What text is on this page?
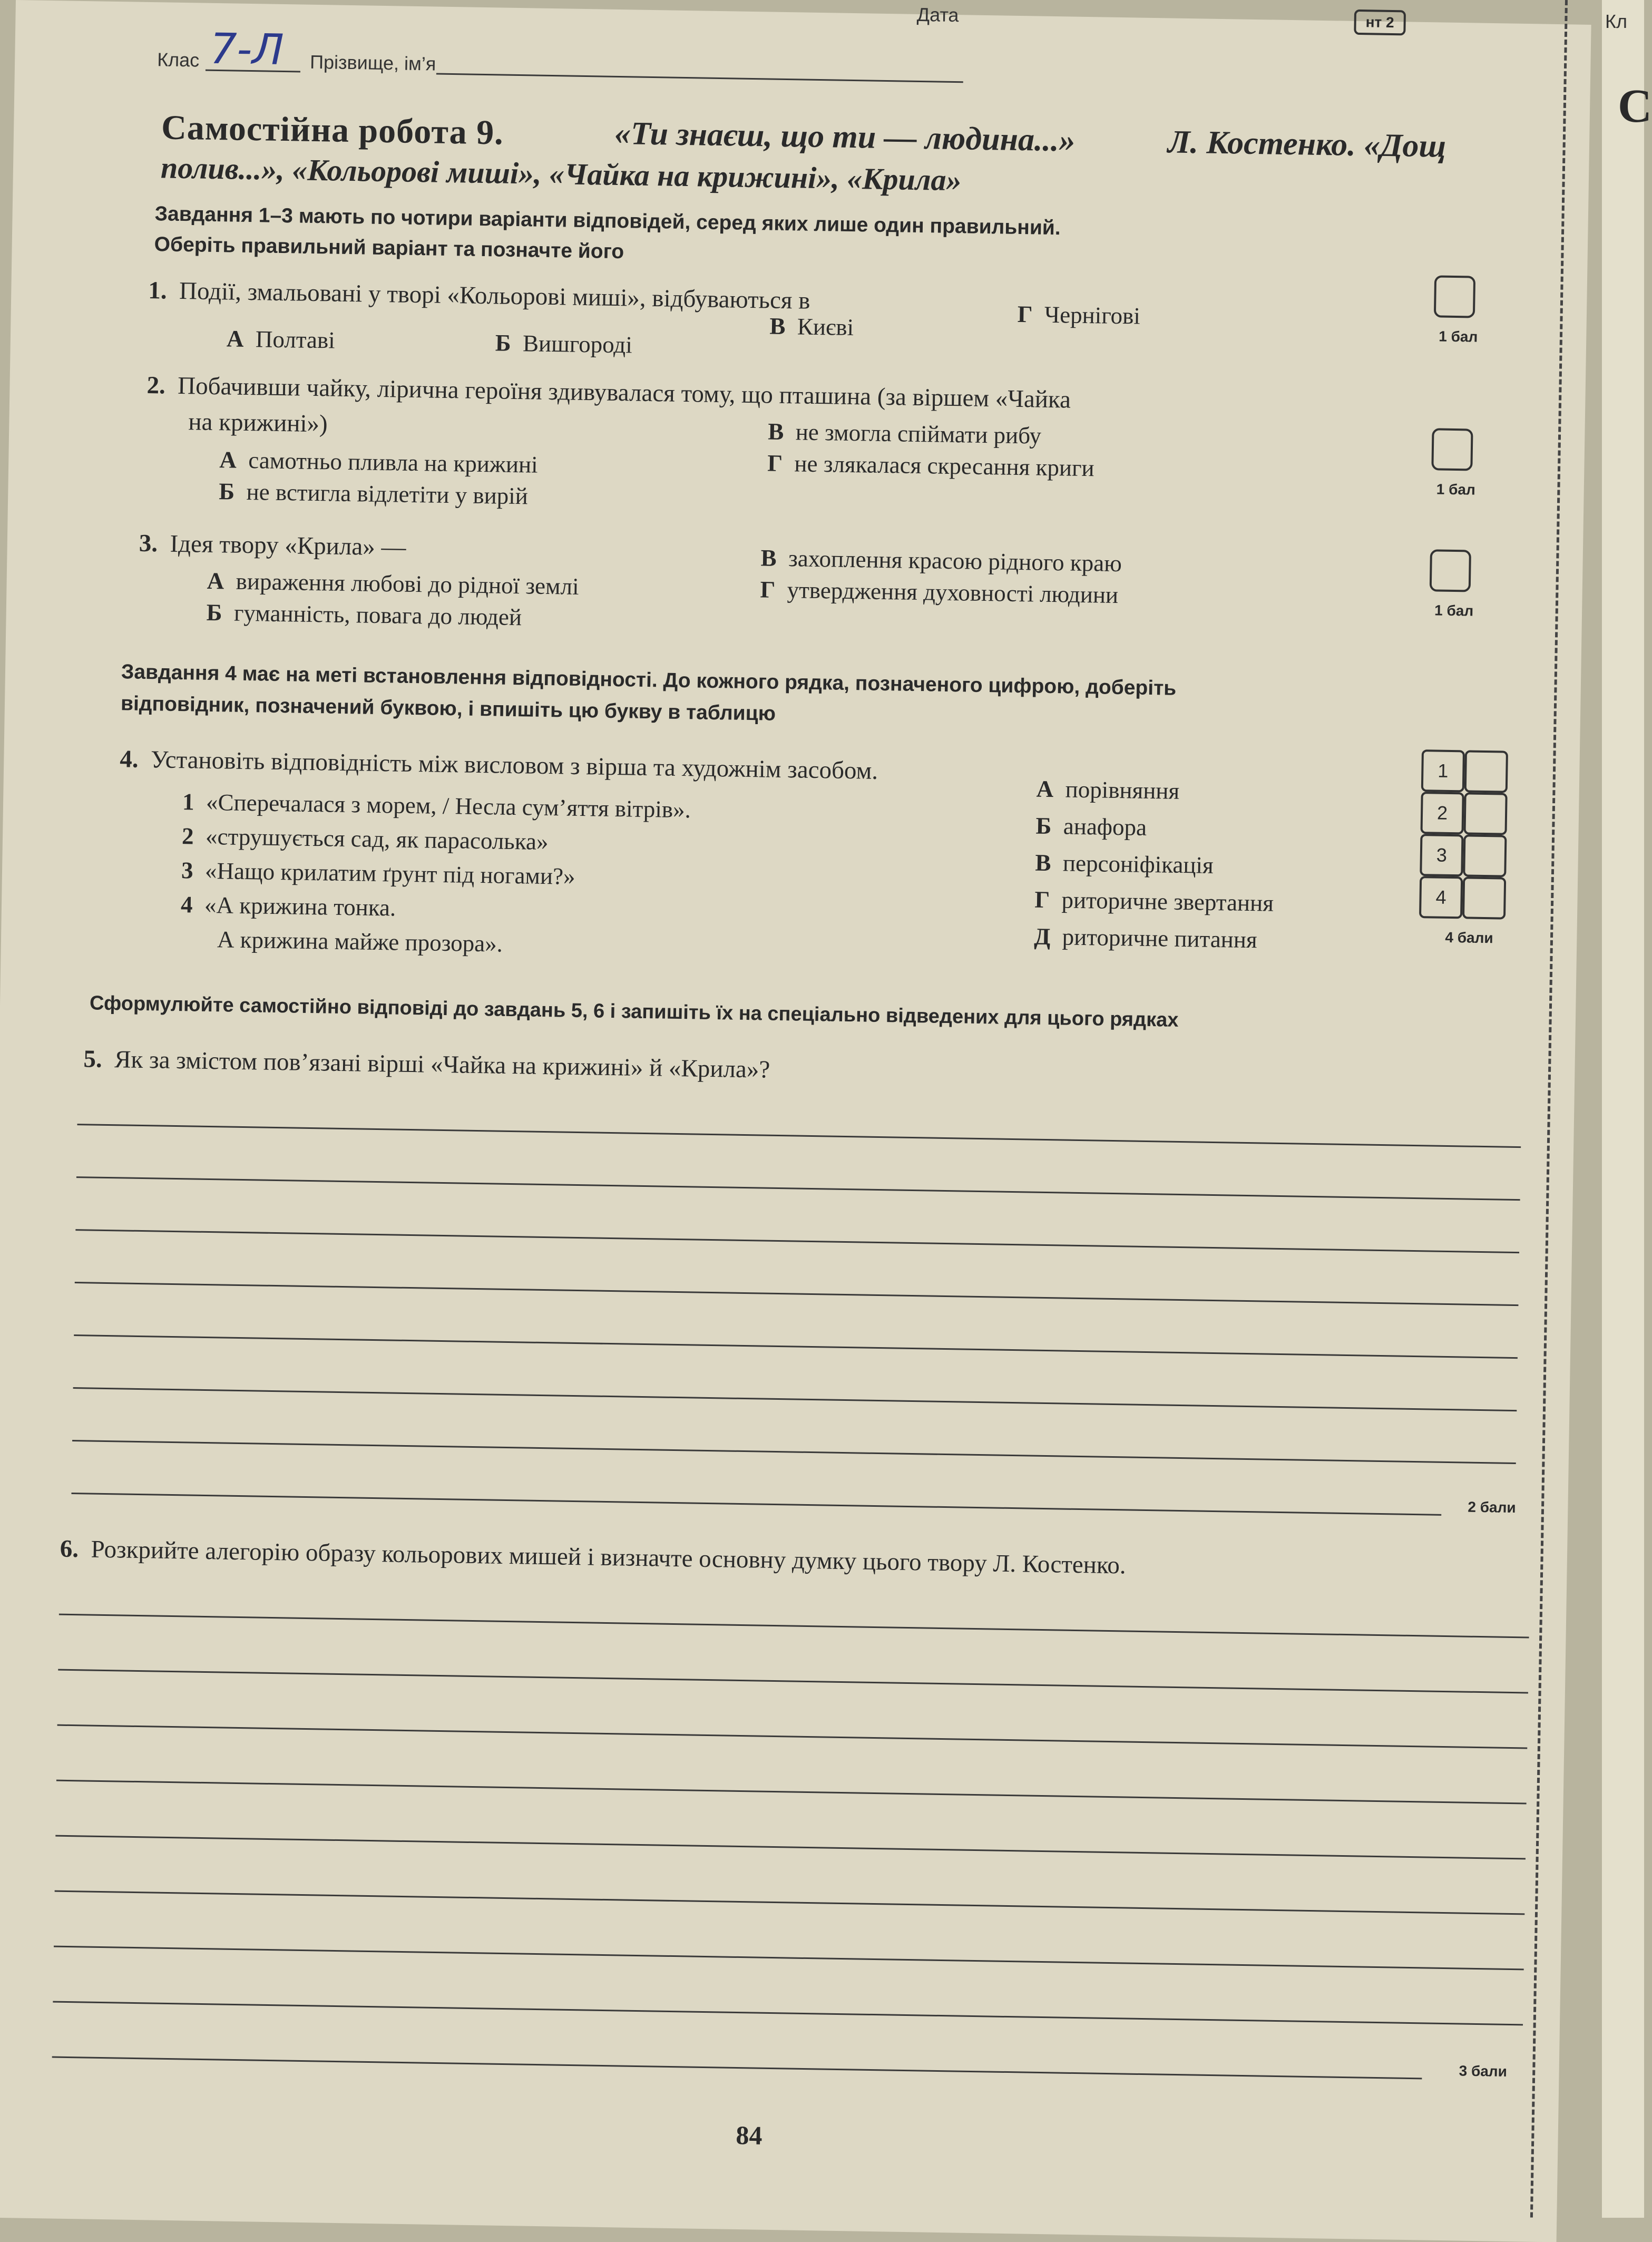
Кл
С
Клас 7-Л Прізвище, ім’я
Дата	нт 2
Самостійна робота 9.	«Ти знаєш, що ти — людина...»	Л. Костенко. «Дощ
полив...», «Кольорові миші», «Чайка на крижині», «Крила»
Завдання 1–3 мають по чотири варіанти відповідей, серед яких лише один правильний.
Оберіть правильний варіант та позначте його
1. Події, змальовані у творі «Кольорові миші», відбуваються в
А Полтаві	Б Вишгороді
В Києві	Г Чернігові
1 бал
2. Побачивши чайку, лірична героїня здивувалася тому, що пташина (за віршем «Чайка
на крижині»)
А самотньо пливла на крижині
Б не встигла відлетіти у вирій
В не змогла спіймати рибу
Г не злякалася скресання криги
1 бал
3. Ідея твору «Крила» —
А вираження любові до рідної землі
Б гуманність, повага до людей
В захоплення красою рідного краю
Г утвердження духовності людини
1 бал
Завдання 4 має на меті встановлення відповідності. До кожного рядка, позначеного цифрою, доберіть
відповідник, позначений буквою, і впишіть цю букву в таблицю
4. Установіть відповідність між висловом з вірша та художнім засобом.
1 «Сперечалася з морем, / Несла сум’яття вітрів».
2 «струшується сад, як парасолька»
3 «Нащо крилатим ґрунт під ногами?»
4 «А крижина тонка.
А крижина майже прозора».
А порівняння
Б анафора
В персоніфікація
Г риторичне звертання
Д риторичне питання
1
2
3
4
4 бали
Сформулюйте самостійно відповіді до завдань 5, 6 і запишіть їх на спеціально відведених для цього рядках
5. Як за змістом пов’язані вірші «Чайка на крижині» й «Крила»?
2 бали
6. Розкрийте алегорію образу кольорових мишей і визначте основну думку цього твору Л. Костенко.
3 бали
84
